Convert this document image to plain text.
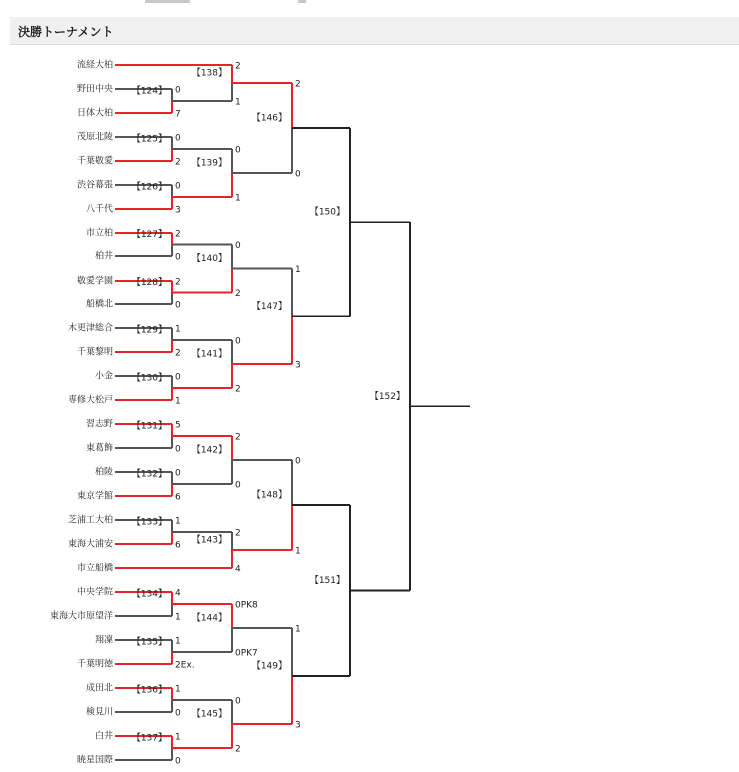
決勝トーナメント
流経大柏
野田中央
日体大柏
茂原北陵
千葉敬愛
渋谷幕張
八千代
市立柏
柏井
敬愛学園
船橋北
木更津総合
千葉黎明
小金
専修大松戸
習志野
東葛飾
柏陵
東京学館
芝浦工大柏
東海大浦安
市立船橋
中央学院
東海大市原望洋
翔凜
千葉明徳
成田北
検見川
白井
暁星国際
0
7
【124】
0
2
【125】
0
3
【126】
2
0
【127】
2
0
【128】
1
2
【129】
0
1
【130】
5
0
【131】
0
6
【132】
1
6
【133】
4
1
【134】
1
2Ex.
【135】
1
0
【136】
1
0
【137】
2
1
【138】
0
1
【139】
0
2
【140】
0
2
【141】
2
0
【142】
2
4
【143】
0PK8
0PK7
【144】
0
2
【145】
2
0
【146】
1
3
【147】
0
1
【148】
1
3
【149】
【150】
【151】
【152】
